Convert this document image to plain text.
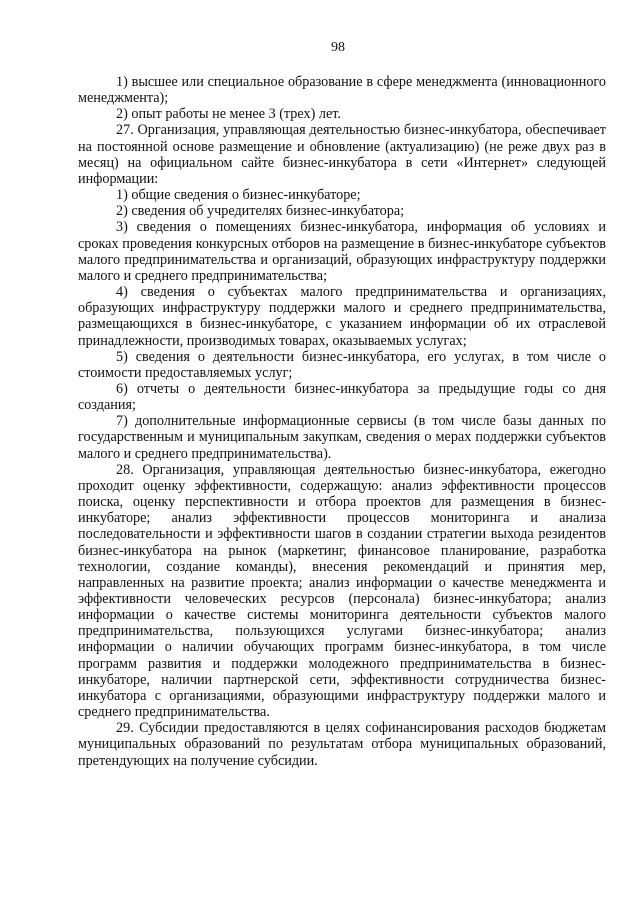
98

1) высшее или специальное образование в сфере менеджмента (инновационного менеджмента);

2) опыт работы не менее 3 (трех) лет.

27. Организация, управляющая деятельностью бизнес-инкубатора, обеспечивает на постоянной основе размещение и обновление (актуализацию) (не реже двух раз в месяц) на официальном сайте бизнес-инкубатора в сети «Интернет» следующей информации:

1) общие сведения о бизнес-инкубаторе;

2) сведения об учредителях бизнес-инкубатора;

3) сведения о помещениях бизнес-инкубатора, информация об условиях и сроках проведения конкурсных отборов на размещение в бизнес-инкубаторе субъектов малого предпринимательства и организаций, образующих инфраструктуру поддержки малого и среднего предпринимательства;

4) сведения о субъектах малого предпринимательства и организациях, образующих инфраструктуру поддержки малого и среднего предпринимательства, размещающихся в бизнес-инкубаторе, с указанием информации об их отраслевой принадлежности, производимых товарах, оказываемых услугах;

5) сведения о деятельности бизнес-инкубатора, его услугах, в том числе о стоимости предоставляемых услуг;

6) отчеты о деятельности бизнес-инкубатора за предыдущие годы со дня создания;

7) дополнительные информационные сервисы (в том числе базы данных по государственным и муниципальным закупкам, сведения о мерах поддержки субъектов малого и среднего предпринимательства).

28. Организация, управляющая деятельностью бизнес-инкубатора, ежегодно проходит оценку эффективности, содержащую: анализ эффективности процессов поиска, оценку перспективности и отбора проектов для размещения в бизнес-инкубаторе; анализ эффективности процессов мониторинга и анализа последовательности и эффективности шагов в создании стратегии выхода резидентов бизнес-инкубатора на рынок (маркетинг, финансовое планирование, разработка технологии, создание команды), внесения рекомендаций и принятия мер, направленных на развитие проекта; анализ информации о качестве менеджмента и эффективности человеческих ресурсов (персонала) бизнес-инкубатора; анализ информации о качестве системы мониторинга деятельности субъектов малого предпринимательства, пользующихся услугами бизнес-инкубатора; анализ информации о наличии обучающих программ бизнес-инкубатора, в том числе программ развития и поддержки молодежного предпринимательства в бизнес-инкубаторе, наличии партнерской сети, эффективности сотрудничества бизнес-инкубатора с организациями, образующими инфраструктуру поддержки малого и среднего предпринимательства.

29. Субсидии предоставляются в целях софинансирования расходов бюджетам муниципальных образований по результатам отбора муниципальных образований, претендующих на получение субсидии.
